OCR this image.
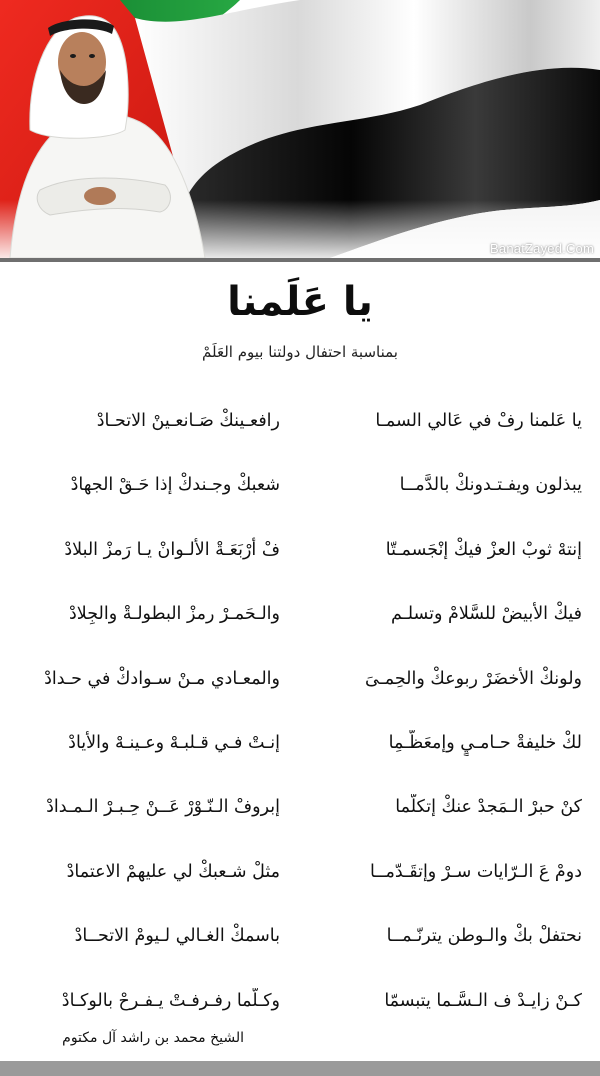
BanatZayed.Com
يا عَلَمنا
بمناسبة احتفال دولتنا بيوم العَلَمْ
يا عَلمنا رفْ في عَالي السمـا
رافعـينكْ صَـانعـينْ الاتحـادْ
يبذلون ويفـتـدونكْ بالدَّمــا
شعبكْ وجـندكْ إذا حَـقْ الجهادْ
إنتهْ ثوبْ العزْ فيكْ إنْجَسمـتّا
فْ أرْبَعَـةْ الألـوانْ يـا رَمزْ البلادْ
فيكْ الأبيضْ للسَّلامْ وتسلـم
والـحَمـرْ رمزْ البطولـةْ والجِلادْ
ولونكْ الأخضَرْ ربوعكْ والحِمـىَ
والمعـادي مـنْ سـوادكْ في حـدادْ
لكْ خليفةْ حـامـيٍ وإمعَظَّـمِا
إنـتْ فـي قـلبـهْ وعـينـهْ والأيادْ
كنْ حبرْ الـمَجدْ عنكْ إتكلَّما
إبروفْ الـنّـوْرْ عَــنْ حِـبـرْ الـمـدادْ
دومْ عَ الـرّايات سـرْ وإتقَـدّمــا
مثلْ شـعبكْ لي عليهمْ الاعتمادْ
نحتفلْ بكْ والـوطن يترنّـمــا
باسمكْ الغـالي لـيومْ الاتحــادْ
كـنْ زايـدْ ف الـسَّـما يتبسمّا
وكـلّما رفـرفـتْ يـفـرحْ بالوكـادْ
الشيخ محمد بن راشد آل مكتوم
